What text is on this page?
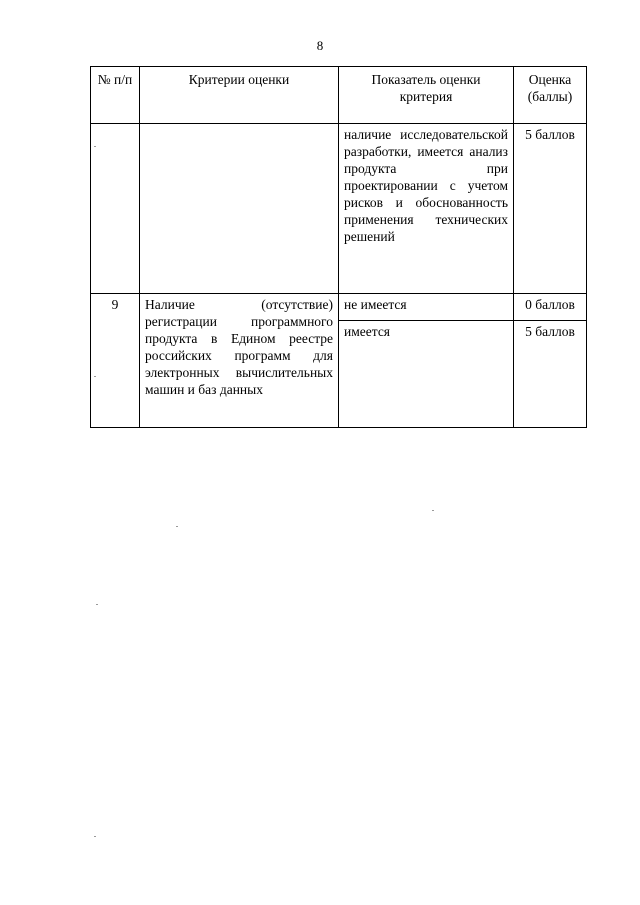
8
№ п/п	Критерии оценки	Показатель оценки критерия	Оценка (баллы)
		наличие исследовательской разработки, имеется анализ продукта при проектировании с учетом рисков и обоснованность применения технических решений	5 баллов
9	Наличие (отсутствие) регистрации программного продукта в Едином реестре российских программ для электронных вычислительных машин и баз данных	не имеется	0 баллов
		имеется	5 баллов
